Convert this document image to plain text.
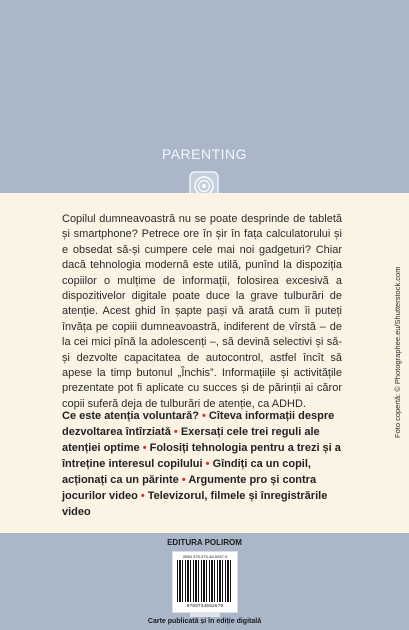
PARENTING

Copilul dumneavoastră nu se poate desprinde de tabletă și smartphone? Petrece ore în șir în fața calculatorului și e obsedat să-și cumpere cele mai noi gadgeturi? Chiar dacă tehnologia modernă este utilă, punînd la dispoziția copiilor o mulțime de informații, folosirea excesivă a dispozitivelor digitale poate duce la grave tulburări de atenție. Acest ghid în șapte pași vă arată cum îi puteți învăța pe copiii dumneavoastră, indiferent de vîrstă – de la cei mici pînă la adolescenți –, să devină selectivi și să-și dezvolte capacitatea de autocontrol, astfel încît să apese la timp butonul „Închis”. Informațiile și activitățile prezentate pot fi aplicate cu succes și de părinții ai căror copii suferă deja de tulburări de atenție, ca ADHD.

Ce este atenția voluntară? • Cîteva informații despre dezvoltarea întîrziată • Exersați cele trei reguli ale atenției optime • Folosiți tehnologia pentru a trezi și a întreține interesul copilului • Gîndiți ca un copil, acționați ca un părinte • Argumente pro și contra jocurilor video • Televizorul, filmele și înregistrările video

Foto copertă: © Photographee.eu/Shutterstock.com
EDITURA POLIROM
ISBN 978-973-46-5267-9
9789734652679
Carte publicată și în ediție digitală
